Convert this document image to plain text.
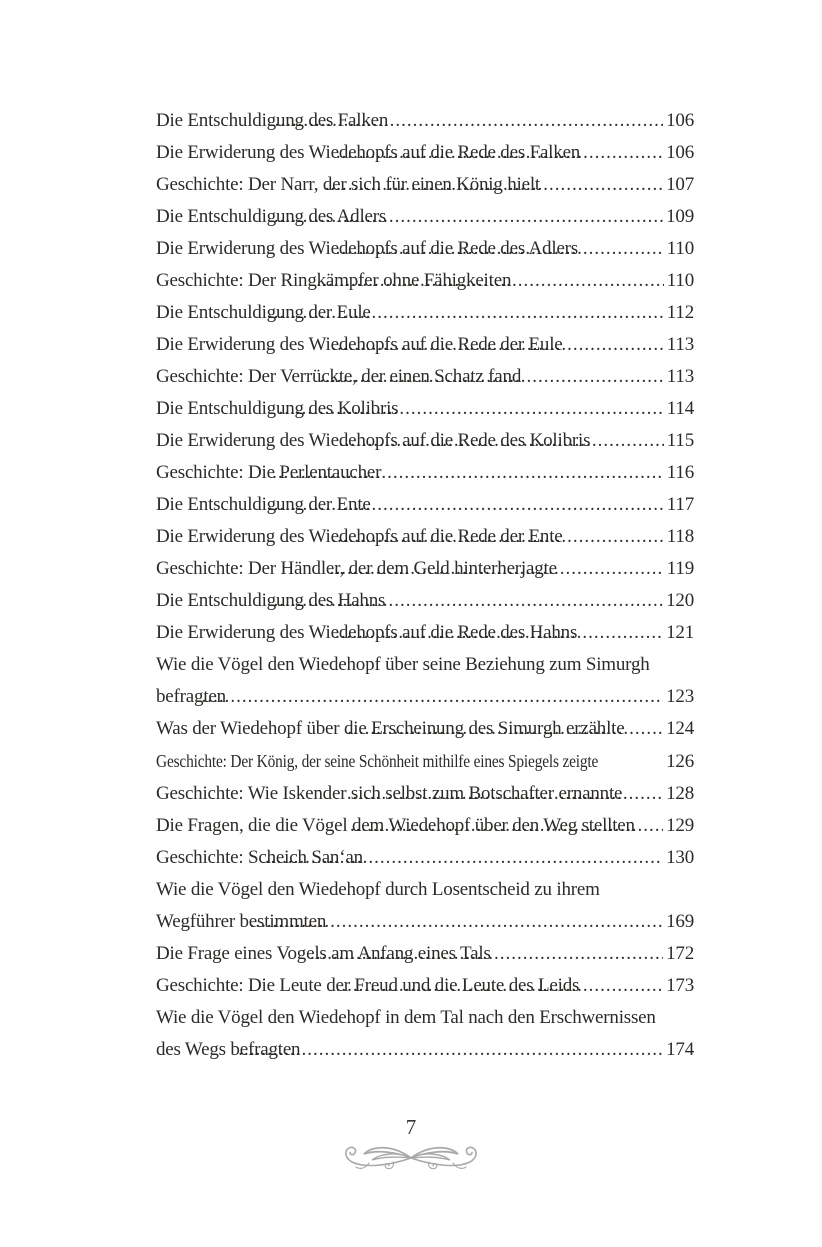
Die Entschuldigung des Falken .....	106
Die Erwiderung des Wiedehopfs auf die Rede des Falken .....	106
Geschichte: Der Narr, der sich für einen König hielt .....	107
Die Entschuldigung des Adlers .....	109
Die Erwiderung des Wiedehopfs auf die Rede des Adlers .....	110
Geschichte: Der Ringkämpfer ohne Fähigkeiten .....	110
Die Entschuldigung der Eule .....	112
Die Erwiderung des Wiedehopfs auf die Rede der Eule .....	113
Geschichte: Der Verrückte, der einen Schatz fand .....	113
Die Entschuldigung des Kolibris .....	114
Die Erwiderung des Wiedehopfs auf die Rede des Kolibris .....	115
Geschichte: Die Perlentaucher .....	116
Die Entschuldigung der Ente .....	117
Die Erwiderung des Wiedehopfs auf die Rede der Ente .....	118
Geschichte: Der Händler, der dem Geld hinterherjagte .....	119
Die Entschuldigung des Hahns .....	120
Die Erwiderung des Wiedehopfs auf die Rede des Hahns .....	121
Wie die Vögel den Wiedehopf über seine Beziehung zum Simurgh
befragten .....	123
Was der Wiedehopf über die Erscheinung des Simurgh erzählte ..... 124
Geschichte: Der König, der seine Schönheit mithilfe eines Spiegels zeigte	126
Geschichte: Wie Iskender sich selbst zum Botschafter ernannte ..... 128
Die Fragen, die die Vögel dem Wiedehopf über den Weg stellten ..... 129
Geschichte: Scheich San‘an .....	130
Wie die Vögel den Wiedehopf durch Losentscheid zu ihrem
Wegführer bestimmten .....	169
Die Frage eines Vogels am Anfang eines Tals .....	172
Geschichte: Die Leute der Freud und die Leute des Leids .....	173
Wie die Vögel den Wiedehopf in dem Tal nach den Erschwernissen
des Wegs befragten .....	174
7
